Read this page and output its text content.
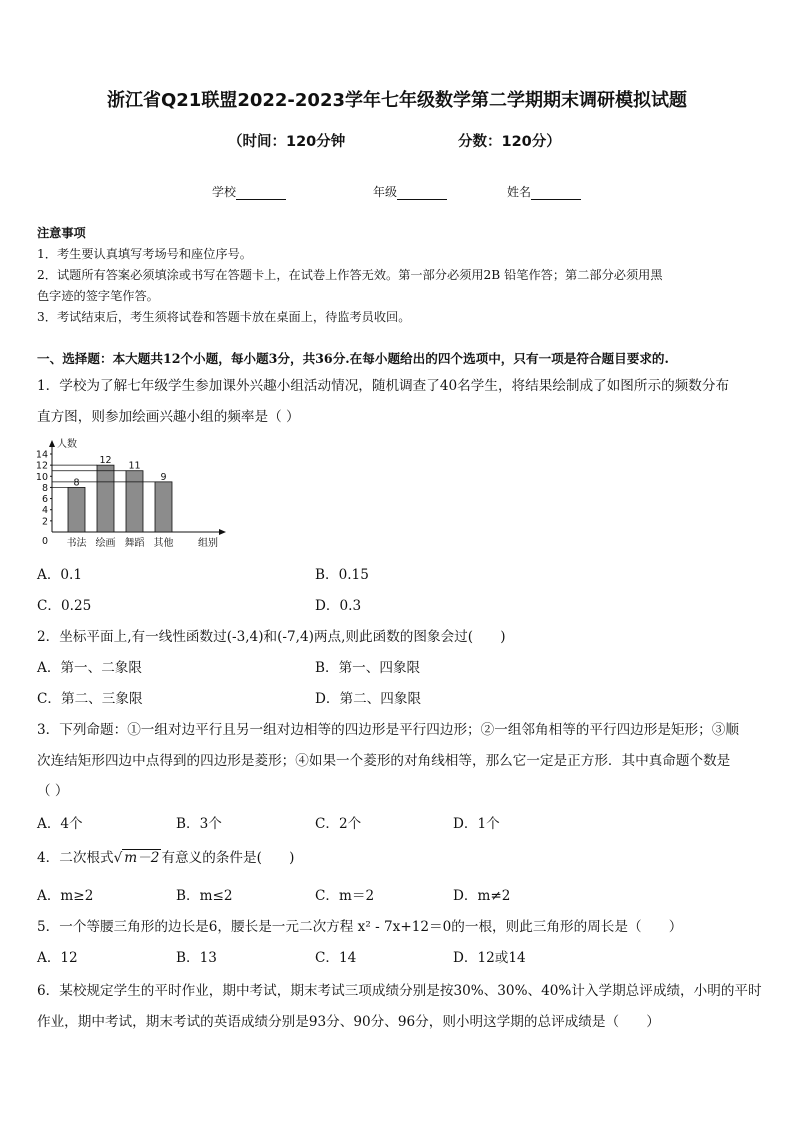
浙江省Q21联盟2022-2023学年七年级数学第二学期期末调研模拟试题
（时间：120分钟	分数：120分）
学校	年级	姓名
注意事项
1．考生要认真填写考场号和座位序号。
2．试题所有答案必须填涂或书写在答题卡上，在试卷上作答无效。第一部分必须用2B 铅笔作答；第二部分必须用黑
色字迹的签字笔作答。
3．考试结束后，考生须将试卷和答题卡放在桌面上，待监考员收回。
一、选择题：本大题共12个小题，每小题3分，共36分.在每小题给出的四个选项中，只有一项是符合题目要求的.
1．学校为了解七年级学生参加课外兴趣小组活动情况，随机调查了40名学生，将结果绘制成了如图所示的频数分布
直方图，则参加绘画兴趣小组的频率是（ ）
0
2
4
6
8
10
12
14
8
书法
12
绘画
11
舞蹈
9
其他
人数
组别
A．0.1	B．0.15
C．0.25	D．0.3
2．坐标平面上,有一线性函数过(-3,4)和(-7,4)两点,则此函数的图象会过(　　)
A．第一、二象限	B．第一、四象限
C．第二、三象限	D．第二、四象限
3．下列命题：①一组对边平行且另一组对边相等的四边形是平行四边形；②一组邻角相等的平行四边形是矩形；③顺
次连结矩形四边中点得到的四边形是菱形；④如果一个菱形的对角线相等，那么它一定是正方形．其中真命题个数是
（ ）
A．4个	B．3个	C．2个	D．1个
4．二次根式√ m－2 有意义的条件是(　　)
A．m≥2	B．m≤2	C．m＝2	D．m≠2
5．一个等腰三角形的边长是6，腰长是一元二次方程 x² - 7x+12＝0的一根，则此三角形的周长是（　　）
A．12	B．13	C．14	D．12或14
6．某校规定学生的平时作业，期中考试，期末考试三项成绩分别是按30%、30%、40%计入学期总评成绩，小明的平时
作业，期中考试，期末考试的英语成绩分别是93分、90分、96分，则小明这学期的总评成绩是（　　）
